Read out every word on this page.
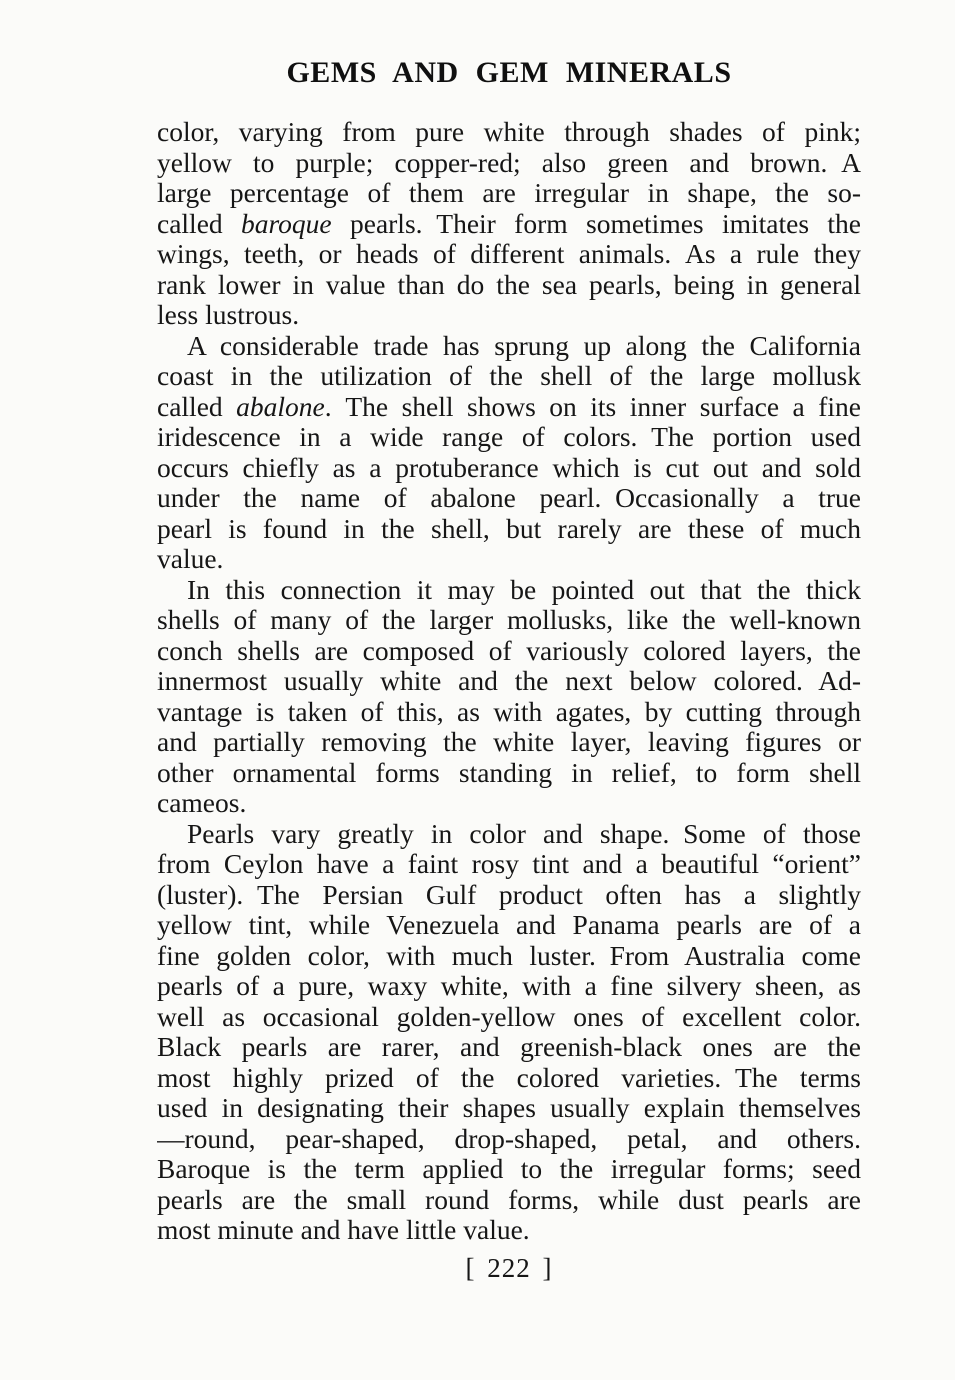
GEMS AND GEM MINERALS
color, varying from pure white through shades of pink;
yellow to purple; copper-red; also green and brown. A
large percentage of them are irregular in shape, the so-
called baroque pearls. Their form sometimes imitates the
wings, teeth, or heads of different animals. As a rule they
rank lower in value than do the sea pearls, being in general
less lustrous.
A considerable trade has sprung up along the California
coast in the utilization of the shell of the large mollusk
called abalone. The shell shows on its inner surface a fine
iridescence in a wide range of colors. The portion used
occurs chiefly as a protuberance which is cut out and sold
under the name of abalone pearl. Occasionally a true
pearl is found in the shell, but rarely are these of much
value.
In this connection it may be pointed out that the thick
shells of many of the larger mollusks, like the well-known
conch shells are composed of variously colored layers, the
innermost usually white and the next below colored. Ad-
vantage is taken of this, as with agates, by cutting through
and partially removing the white layer, leaving figures or
other ornamental forms standing in relief, to form shell
cameos.
Pearls vary greatly in color and shape. Some of those
from Ceylon have a faint rosy tint and a beautiful “orient”
(luster). The Persian Gulf product often has a slightly
yellow tint, while Venezuela and Panama pearls are of a
fine golden color, with much luster. From Australia come
pearls of a pure, waxy white, with a fine silvery sheen, as
well as occasional golden-yellow ones of excellent color.
Black pearls are rarer, and greenish-black ones are the
most highly prized of the colored varieties. The terms
used in designating their shapes usually explain themselves
—round, pear-shaped, drop-shaped, petal, and others.
Baroque is the term applied to the irregular forms; seed
pearls are the small round forms, while dust pearls are
most minute and have little value.
[ 222 ]
